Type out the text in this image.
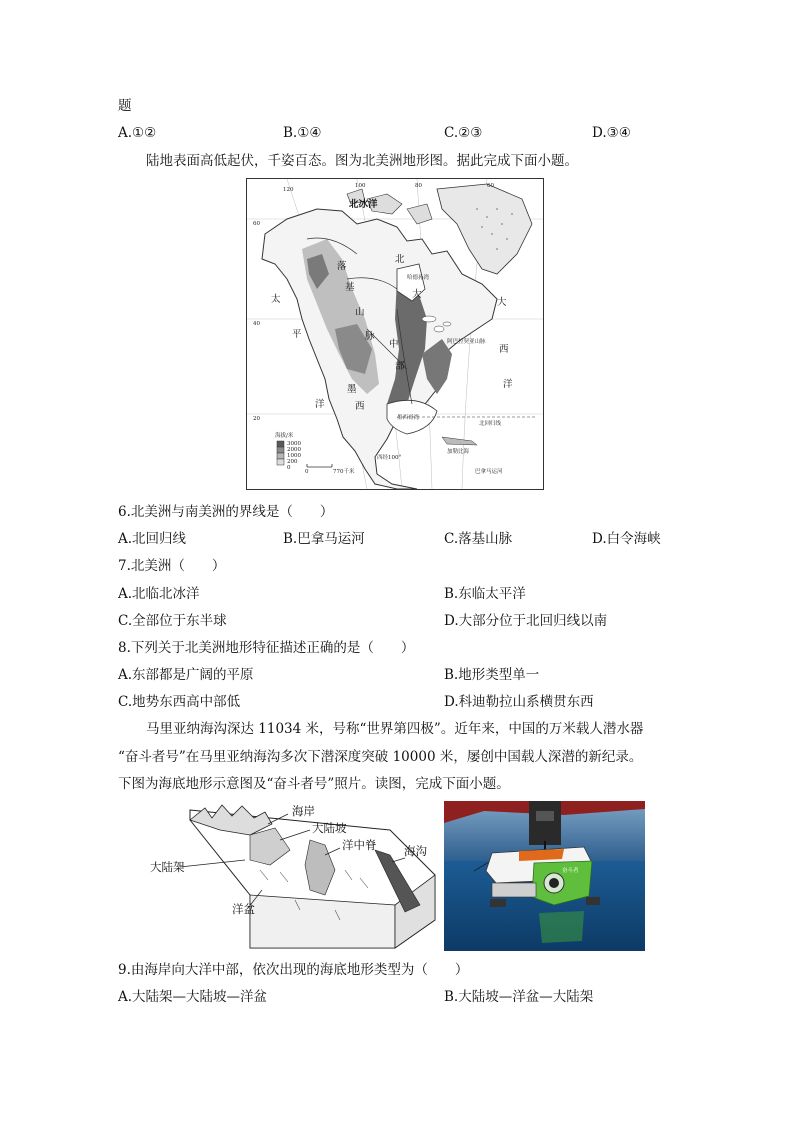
题
A.①②	B.①④	C.②③	D.③④
陆地表面高低起伏，千姿百态。图为北美洲地形图。据此完成下面小题。
北冰洋
太
平
洋
大
西
洋
落
基
山
脉
北
大
中
部
墨
西
墨西哥湾
加勒比海
巴拿马运河
哈德孙湾
阿巴拉契亚山脉
北回归线
西经100°
60
40
20
120
100	80	60
海拔/米
3000
2000
1000
200
0
0	770千米
6.北美洲与南美洲的界线是（　　）
A.北回归线	B.巴拿马运河	C.落基山脉	D.白令海峡
7.北美洲（　　）
A.北临北冰洋	B.东临太平洋
C.全部位于东半球	D.大部分位于北回归线以南
8.下列关于北美洲地形特征描述正确的是（　　）
A.东部都是广阔的平原	B.地形类型单一
C.地势东西高中部低	D.科迪勒拉山系横贯东西
马里亚纳海沟深达 11034 米，号称“世界第四极”。近年来，中国的万米载人潜水器
“奋斗者号”在马里亚纳海沟多次下潜深度突破 10000 米，屡创中国载人深潜的新纪录。
下图为海底地形示意图及“奋斗者号”照片。读图，完成下面小题。
海岸
大陆坡
洋中脊 海沟
大陆架
洋盆
奋斗者
9.由海岸向大洋中部，依次出现的海底地形类型为（　　）
A.大陆架—大陆坡—洋盆	B.大陆坡—洋盆—大陆架
